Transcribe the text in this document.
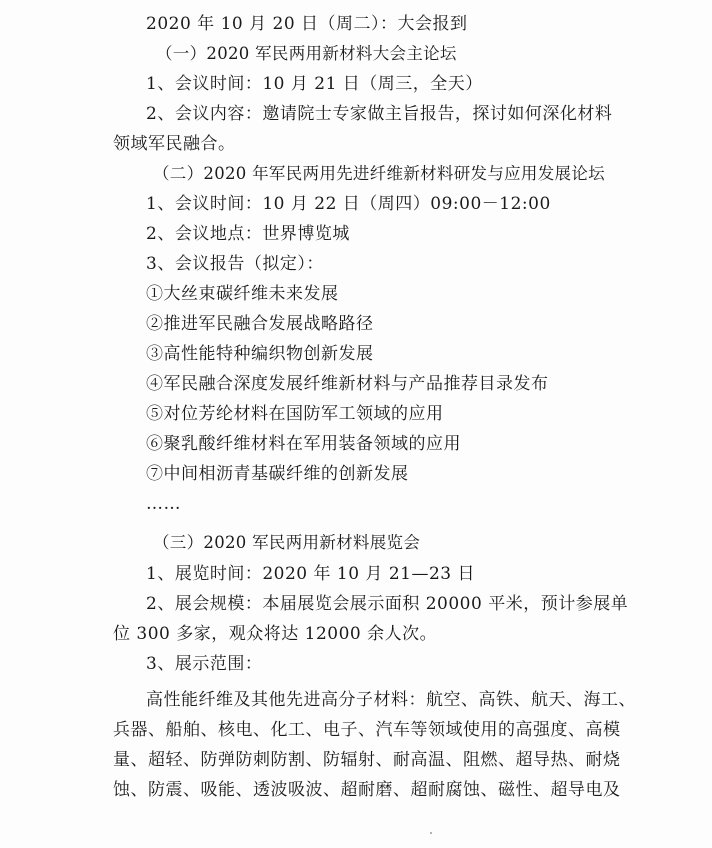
2020 年 10 月 20 日（周二）：大会报到
（一）2020 军民两用新材料大会主论坛
1、会议时间：10 月 21 日（周三，全天）
2、会议内容：邀请院士专家做主旨报告，探讨如何深化材料
领域军民融合。
（二）2020 年军民两用先进纤维新材料研发与应用发展论坛
1、会议时间：10 月 22 日（周四）09:00－12:00
2、会议地点：世界博览城
3、会议报告（拟定）：
①大丝束碳纤维未来发展
②推进军民融合发展战略路径
③高性能特种编织物创新发展
④军民融合深度发展纤维新材料与产品推荐目录发布
⑤对位芳纶材料在国防军工领域的应用
⑥聚乳酸纤维材料在军用装备领域的应用
⑦中间相沥青基碳纤维的创新发展
……
（三）2020 军民两用新材料展览会
1、展览时间：2020 年 10 月 21—23 日
2、展会规模：本届展览会展示面积 20000 平米，预计参展单
位 300 多家，观众将达 12000 余人次。
3、展示范围：
高性能纤维及其他先进高分子材料：航空、高铁、航天、海工、
兵器、船舶、核电、化工、电子、汽车等领域使用的高强度、高模
量、超轻、防弹防刺防割、防辐射、耐高温、阻燃、超导热、耐烧
蚀、防震、吸能、透波吸波、超耐磨、超耐腐蚀、磁性、超导电及
